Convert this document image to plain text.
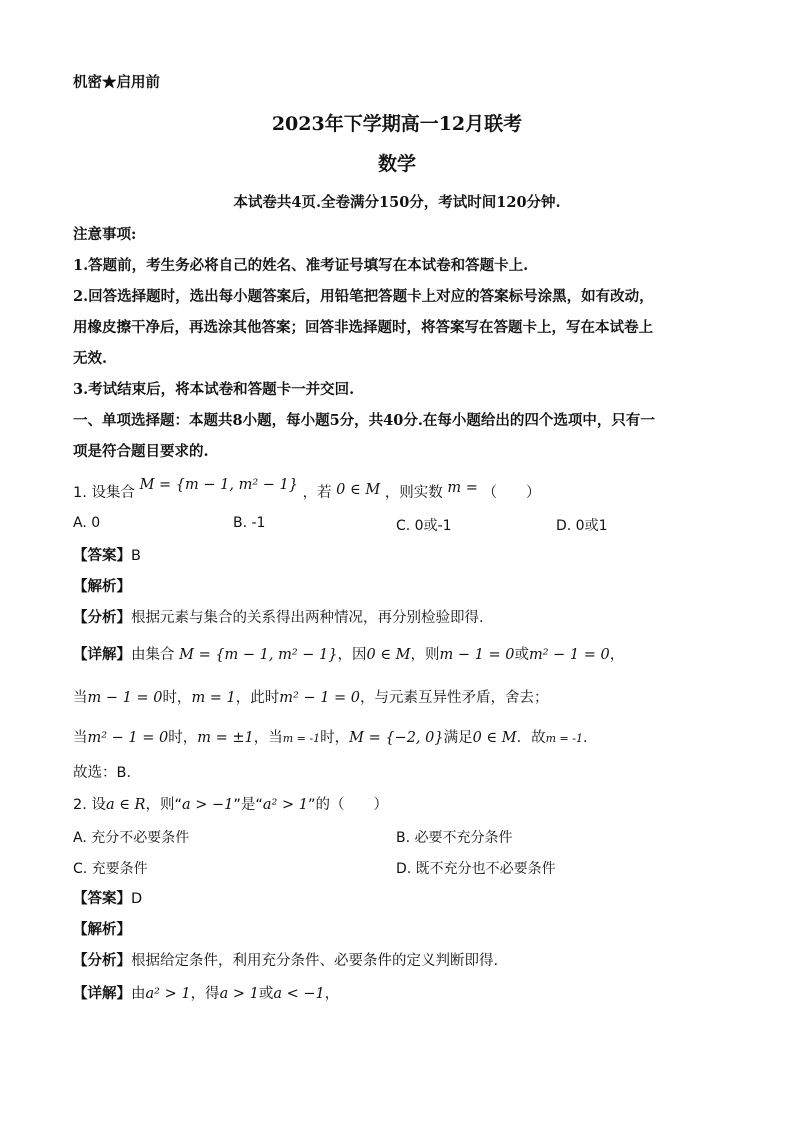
机密★启用前
2023年下学期高一12月联考
数学
本试卷共4页.全卷满分150分，考试时间120分钟.
注意事项:
1.答题前，考生务必将自己的姓名、准考证号填写在本试卷和答题卡上.
2.回答选择题时，选出每小题答案后，用铅笔把答题卡上对应的答案标号涂黑，如有改动，
用橡皮擦干净后，再选涂其他答案；回答非选择题时，将答案写在答题卡上，写在本试卷上
无效.
3.考试结束后，将本试卷和答题卡一并交回.
一、单项选择题：本题共8小题，每小题5分，共40分.在每小题给出的四个选项中，只有一
项是符合题目要求的.
1. 设集合 M = {m − 1, m² − 1} ，若 0 ∈ M ，则实数 m = （　　）
A. 0	B. -1	C. 0或-1	D. 0或1
【答案】B
【解析】
【分析】根据元素与集合的关系得出两种情况，再分别检验即得.
【详解】由集合 M = {m − 1, m² − 1}，因0 ∈ M，则m − 1 = 0或m² − 1 = 0，
当m − 1 = 0时，m = 1，此时m² − 1 = 0，与元素互异性矛盾，舍去；
当m² − 1 = 0时，m = ±1，当m = -1时，M = {−2, 0}满足0 ∈ M．故m = -1．
故选：B．
2. 设a ∈ R，则“a > −1”是“a² > 1”的（　　）
A. 充分不必要条件	B. 必要不充分条件
C. 充要条件	D. 既不充分也不必要条件
【答案】D
【解析】
【分析】根据给定条件，利用充分条件、必要条件的定义判断即得.
【详解】由a² > 1，得a > 1或a < −1，
